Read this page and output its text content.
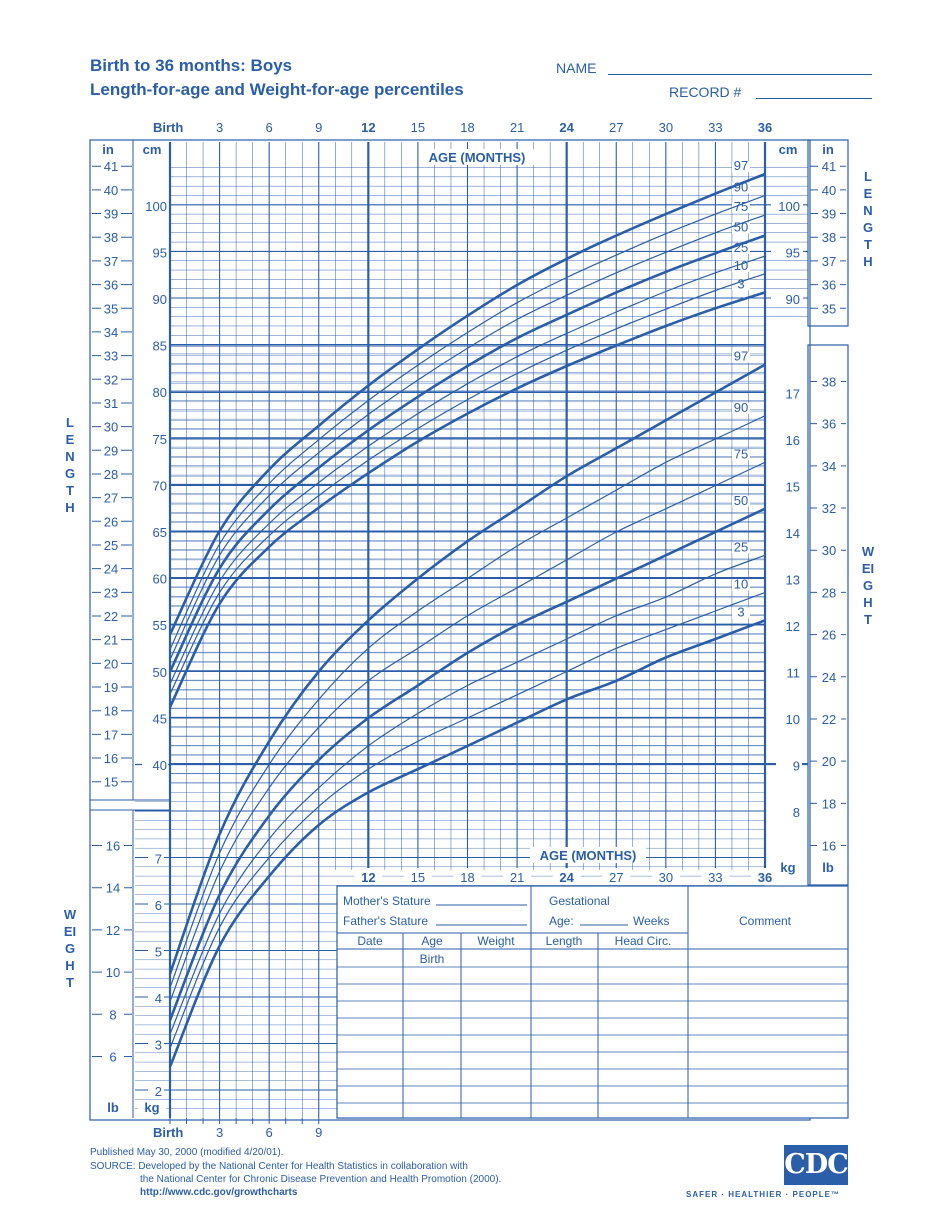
Birth to 36 months: Boys
Length-for-age and Weight-for-age percentiles
NAME
RECORD #
LENGTH
WEIGHT
LENGTH
WEIGHT
Birth	3	6	9	12	15	18	21	24	27	30	33	36
12	15	18	21	24	27	30	33	36
Birth	3	6	9
AGE (MONTHS)
AGE (MONTHS)
in cm	cm in
kg lb
lb kg
15
16
17
18
19
20
21
22
23
24
25
26
27
28
29
30
31
32
33
34
35
36
37
38
39
40
41
40
45
50
55
60
65
70
75
80
85
90
95
100
90
95
100
35
36
37
38
39
40
41
6
8
10
12
14
16
2
3
4
5
6
7
8
9
10
11
12
13
14
15
16
17
16
18
20
22
24
26
28
30
32
34
36
38
Mother's Stature
Father's Stature
Gestational
Age:	Weeks	Comment
Date	Age	Weight	Length	Head Circ.
Birth
3
10
25
50
75
90
97
3
10
25
50
75
90
97
Published May 30, 2000 (modified 4/20/01).
SOURCE: Developed by the National Center for Health Statistics in collaboration with
the National Center for Chronic Disease Prevention and Health Promotion (2000).
http://www.cdc.gov/growthcharts
CDC
SAFER · HEALTHIER · PEOPLE™
